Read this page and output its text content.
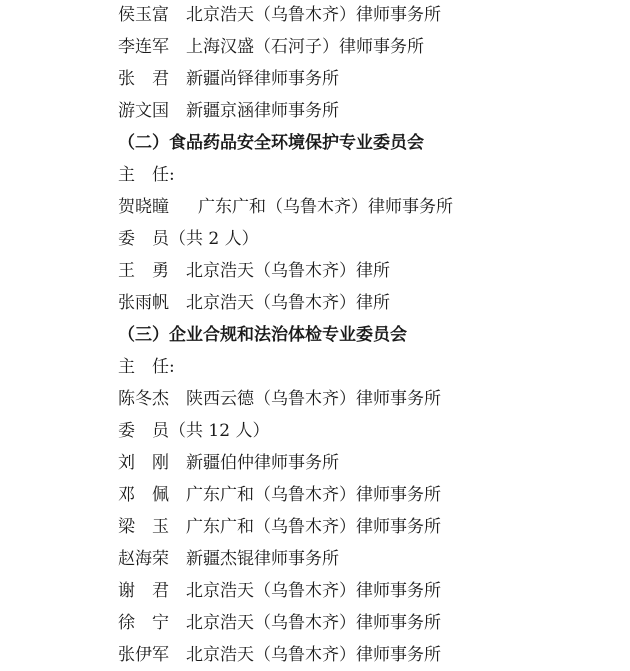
侯玉富 北京浩天（乌鲁木齐）律师事务所
李连军 上海汉盛（石河子）律师事务所
张　君 新疆尚铎律师事务所
游文国 新疆京涵律师事务所
（二）食品药品安全环境保护专业委员会
主　任:
贺晓瞳 广东广和（乌鲁木齐）律师事务所
委　员（共 2 人）
王　勇 北京浩天（乌鲁木齐）律所
张雨帆 北京浩天（乌鲁木齐）律所
（三）企业合规和法治体检专业委员会
主　任:
陈冬杰 陕西云德（乌鲁木齐）律师事务所
委　员（共 12 人）
刘　刚 新疆伯仲律师事务所
邓　佩 广东广和（乌鲁木齐）律师事务所
梁　玉 广东广和（乌鲁木齐）律师事务所
赵海荣 新疆杰锟律师事务所
谢　君 北京浩天（乌鲁木齐）律师事务所
徐　宁 北京浩天（乌鲁木齐）律师事务所
张伊军 北京浩天（乌鲁木齐）律师事务所
